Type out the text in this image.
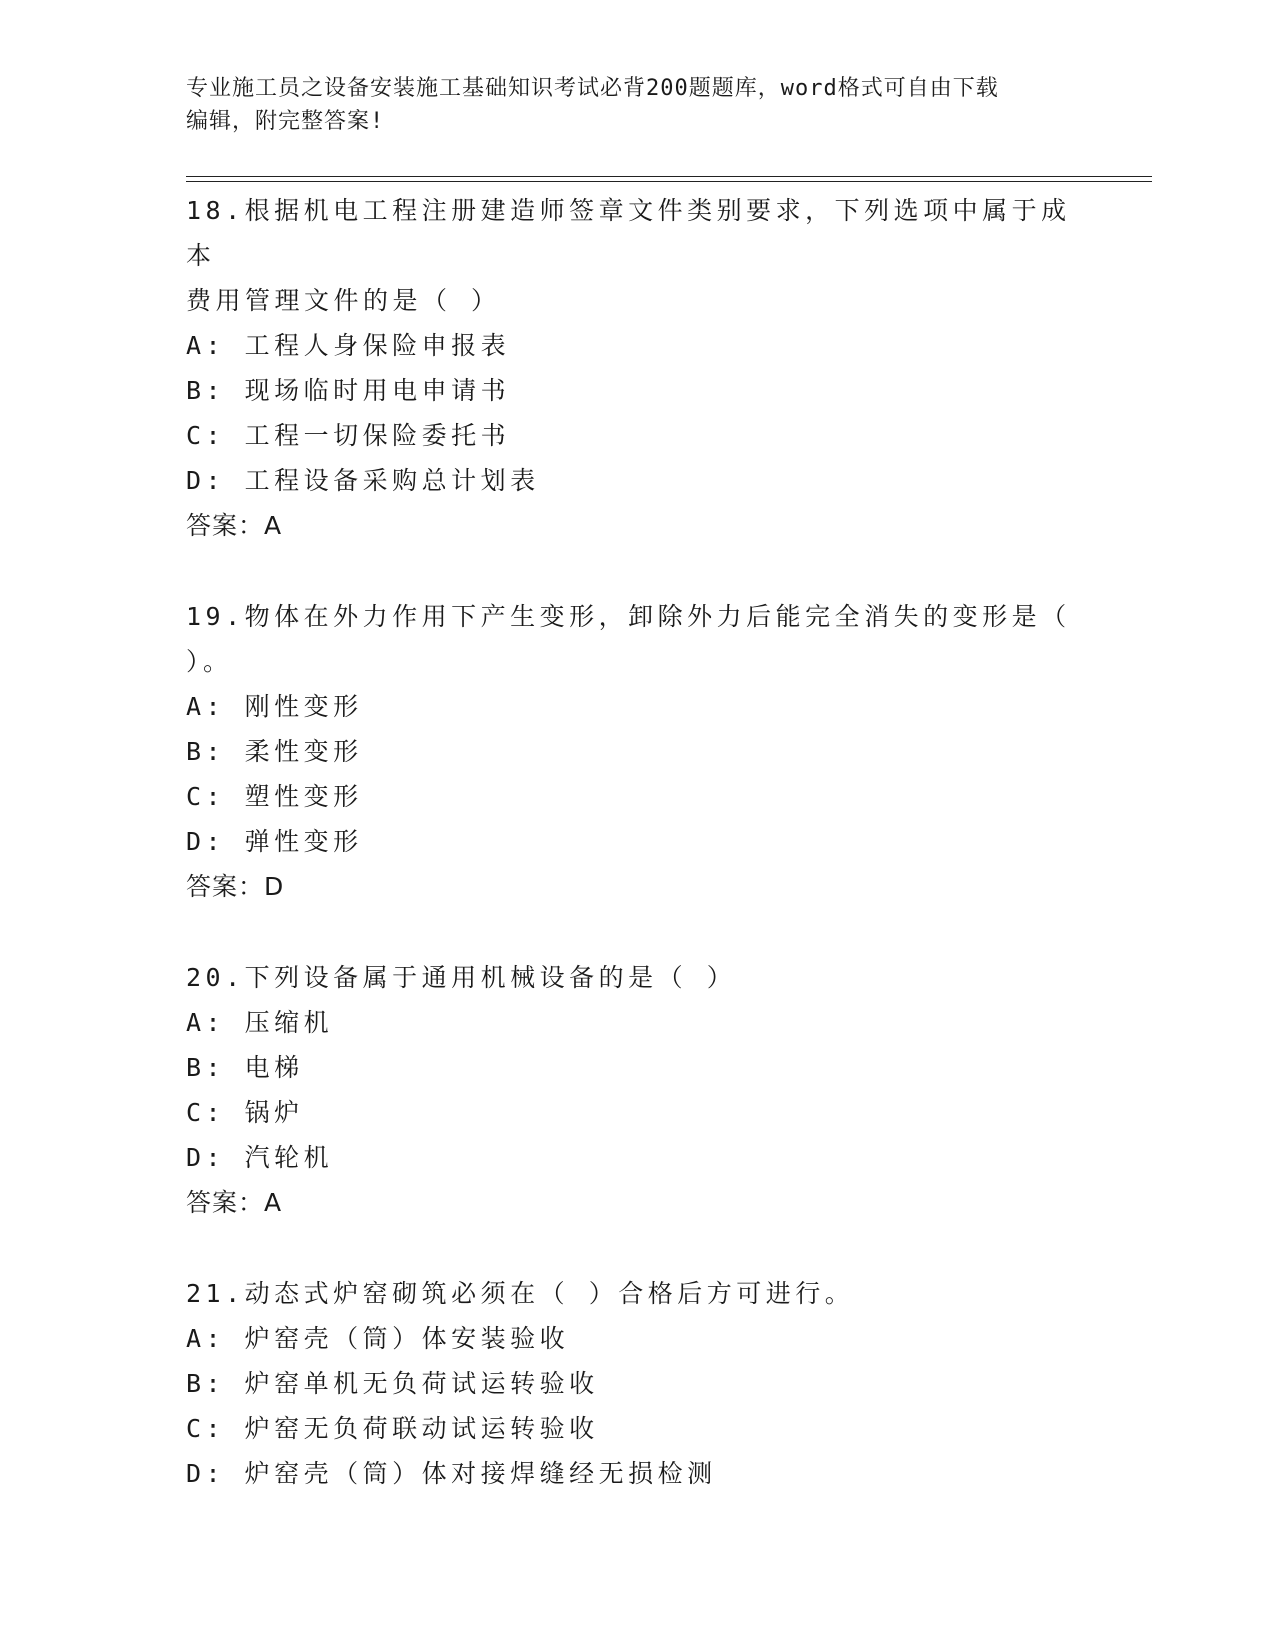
专业施工员之设备安装施工基础知识考试必背200题题库，word格式可自由下载
编辑，附完整答案!
18.根据机电工程注册建造师签章文件类别要求，下列选项中属于成本
费用管理文件的是（ ）
A: 工程人身保险申报表
B: 现场临时用电申请书
C: 工程一切保险委托书
D: 工程设备采购总计划表
答案：A
19.物体在外力作用下产生变形，卸除外力后能完全消失的变形是（
）。
A: 刚性变形
B: 柔性变形
C: 塑性变形
D: 弹性变形
答案：D
20.下列设备属于通用机械设备的是（ ）
A: 压缩机
B: 电梯
C: 锅炉
D: 汽轮机
答案：A
21.动态式炉窑砌筑必须在（ ）合格后方可进行。
A: 炉窑壳（筒）体安装验收
B: 炉窑单机无负荷试运转验收
C: 炉窑无负荷联动试运转验收
D: 炉窑壳（筒）体对接焊缝经无损检测
